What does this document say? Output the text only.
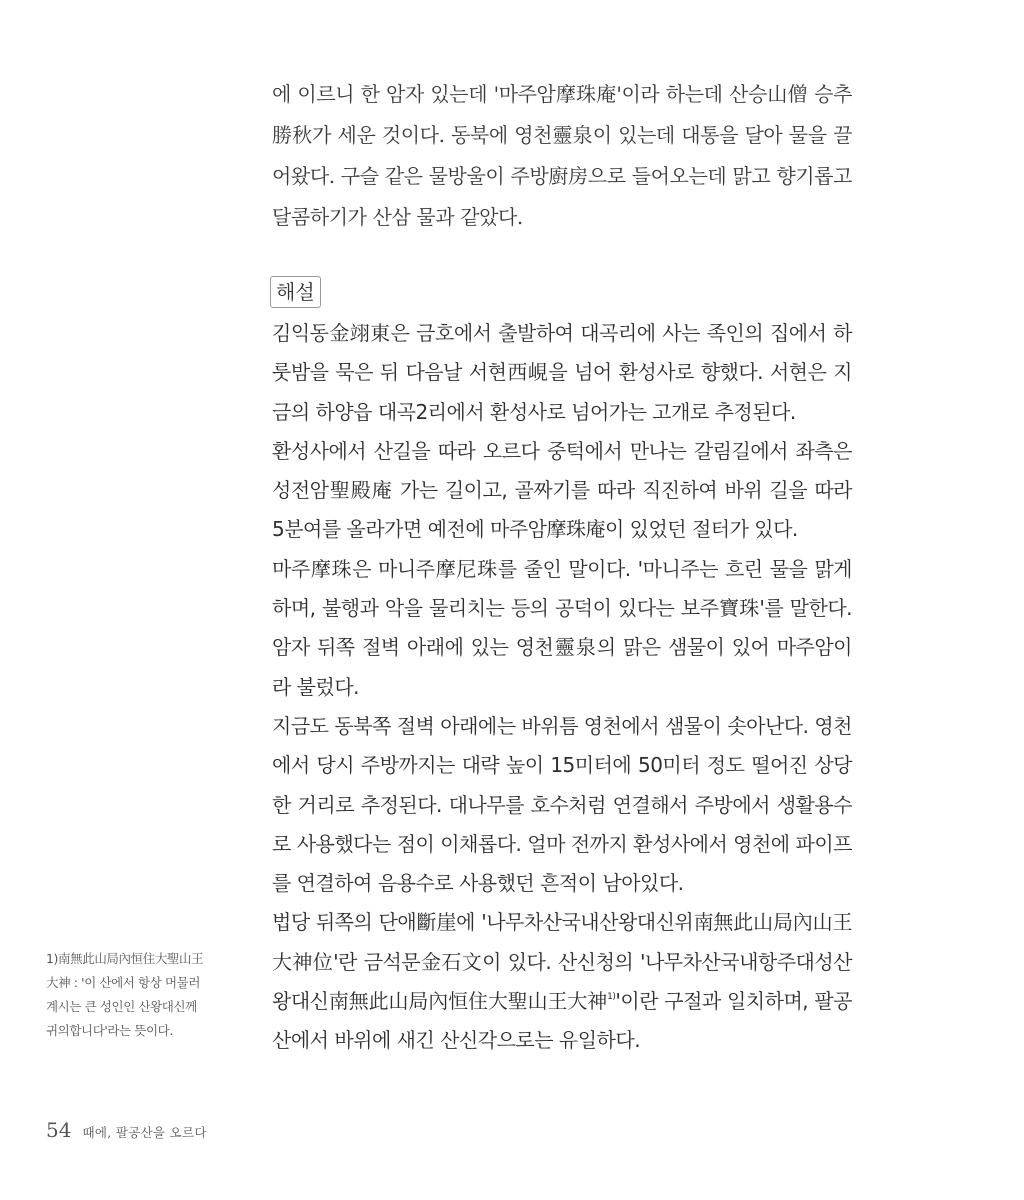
에 이르니 한 암자 있는데 '마주암摩珠庵'이라 하는데 산승山僧 승추勝秋가 세운 것이다. 동북에 영천靈泉이 있는데 대통을 달아 물을 끌어왔다. 구슬 같은 물방울이 주방廚房으로 들어오는데 맑고 향기롭고 달콤하기가 산삼 물과 같았다.

해설

김익동金翊東은 금호에서 출발하여 대곡리에 사는 족인의 집에서 하룻밤을 묵은 뒤 다음날 서현西峴을 넘어 환성사로 향했다. 서현은 지금의 하양읍 대곡2리에서 환성사로 넘어가는 고개로 추정된다.

환성사에서 산길을 따라 오르다 중턱에서 만나는 갈림길에서 좌측은 성전암聖殿庵 가는 길이고, 골짜기를 따라 직진하여 바위 길을 따라 5분여를 올라가면 예전에 마주암摩珠庵이 있었던 절터가 있다.

마주摩珠은 마니주摩尼珠를 줄인 말이다. '마니주는 흐린 물을 맑게 하며, 불행과 악을 물리치는 등의 공덕이 있다는 보주寶珠'를 말한다. 암자 뒤쪽 절벽 아래에 있는 영천靈泉의 맑은 샘물이 있어 마주암이라 불렀다.

지금도 동북쪽 절벽 아래에는 바위틈 영천에서 샘물이 솟아난다. 영천에서 당시 주방까지는 대략 높이 15미터에 50미터 정도 떨어진 상당한 거리로 추정된다. 대나무를 호수처럼 연결해서 주방에서 생활용수로 사용했다는 점이 이채롭다. 얼마 전까지 환성사에서 영천에 파이프를 연결하여 음용수로 사용했던 흔적이 남아있다.

법당 뒤쪽의 단애斷崖에 '나무차산국내산왕대신위南無此山局內山王大神位'란 금석문金石文이 있다. 산신청의 '나무차산국내항주대성산왕대신南無此山局內恒住大聖山王大神$^{1)}$'이란 구절과 일치하며, 팔공산에서 바위에 새긴 산신각으로는 유일하다.

1)南無此山局內恒住大聖山王大神 : '이 산에서 항상 머물러 계시는 큰 성인인 산왕대신께 귀의합니다'라는 뜻이다.

54 때에, 팔공산을 오르다
